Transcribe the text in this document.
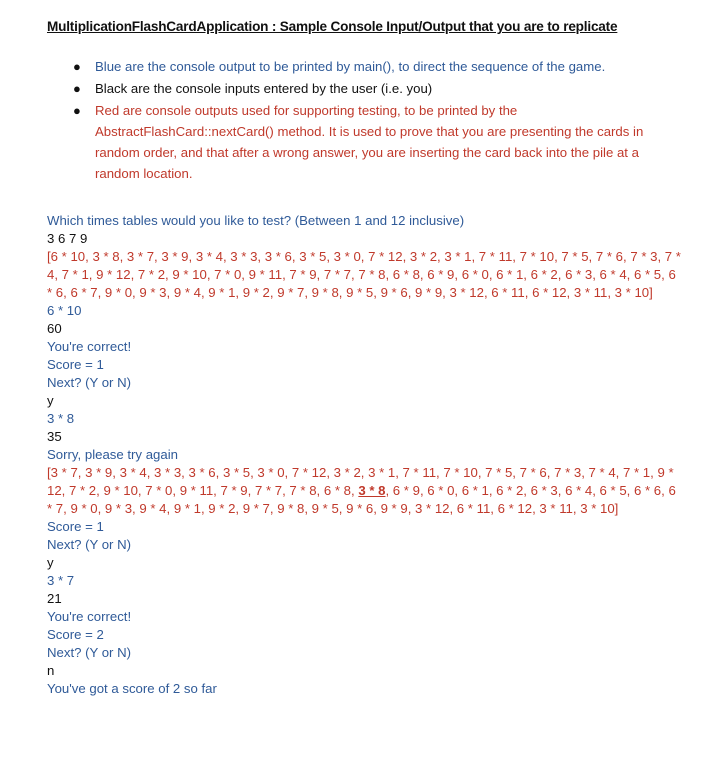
MultiplicationFlashCardApplication : Sample Console Input/Output that you are to replicate
● Blue are the console output to be printed by main(), to direct the sequence of the game.
● Black are the console inputs entered by the user (i.e. you)
● Red are console outputs used for supporting testing, to be printed by the AbstractFlashCard::nextCard() method. It is used to prove that you are presenting the cards in random order, and that after a wrong answer, you are inserting the card back into the pile at a random location.
Which times tables would you like to test? (Between 1 and 12 inclusive)
3 6 7 9
[6 * 10, 3 * 8, 3 * 7, 3 * 9, 3 * 4, 3 * 3, 3 * 6, 3 * 5, 3 * 0, 7 * 12, 3 * 2, 3 * 1, 7 * 11, 7 * 10, 7 * 5, 7 * 6, 7 * 3, 7 * 4, 7 * 1, 9 * 12, 7 * 2, 9 * 10, 7 * 0, 9 * 11, 7 * 9, 7 * 7, 7 * 8, 6 * 8, 6 * 9, 6 * 0, 6 * 1, 6 * 2, 6 * 3, 6 * 4, 6 * 5, 6 * 6, 6 * 7, 9 * 0, 9 * 3, 9 * 4, 9 * 1, 9 * 2, 9 * 7, 9 * 8, 9 * 5, 9 * 6, 9 * 9, 3 * 12, 6 * 11, 6 * 12, 3 * 11, 3 * 10]
6 * 10
60
You're correct!
Score = 1
Next? (Y or N)
y
3 * 8
35
Sorry, please try again
[3 * 7, 3 * 9, 3 * 4, 3 * 3, 3 * 6, 3 * 5, 3 * 0, 7 * 12, 3 * 2, 3 * 1, 7 * 11, 7 * 10, 7 * 5, 7 * 6, 7 * 3, 7 * 4, 7 * 1, 9 * 12, 7 * 2, 9 * 10, 7 * 0, 9 * 11, 7 * 9, 7 * 7, 7 * 8, 6 * 8, 3 * 8, 6 * 9, 6 * 0, 6 * 1, 6 * 2, 6 * 3, 6 * 4, 6 * 5, 6 * 6, 6 * 7, 9 * 0, 9 * 3, 9 * 4, 9 * 1, 9 * 2, 9 * 7, 9 * 8, 9 * 5, 9 * 6, 9 * 9, 3 * 12, 6 * 11, 6 * 12, 3 * 11, 3 * 10]
Score = 1
Next? (Y or N)
y
3 * 7
21
You're correct!
Score = 2
Next? (Y or N)
n
You've got a score of 2 so far
